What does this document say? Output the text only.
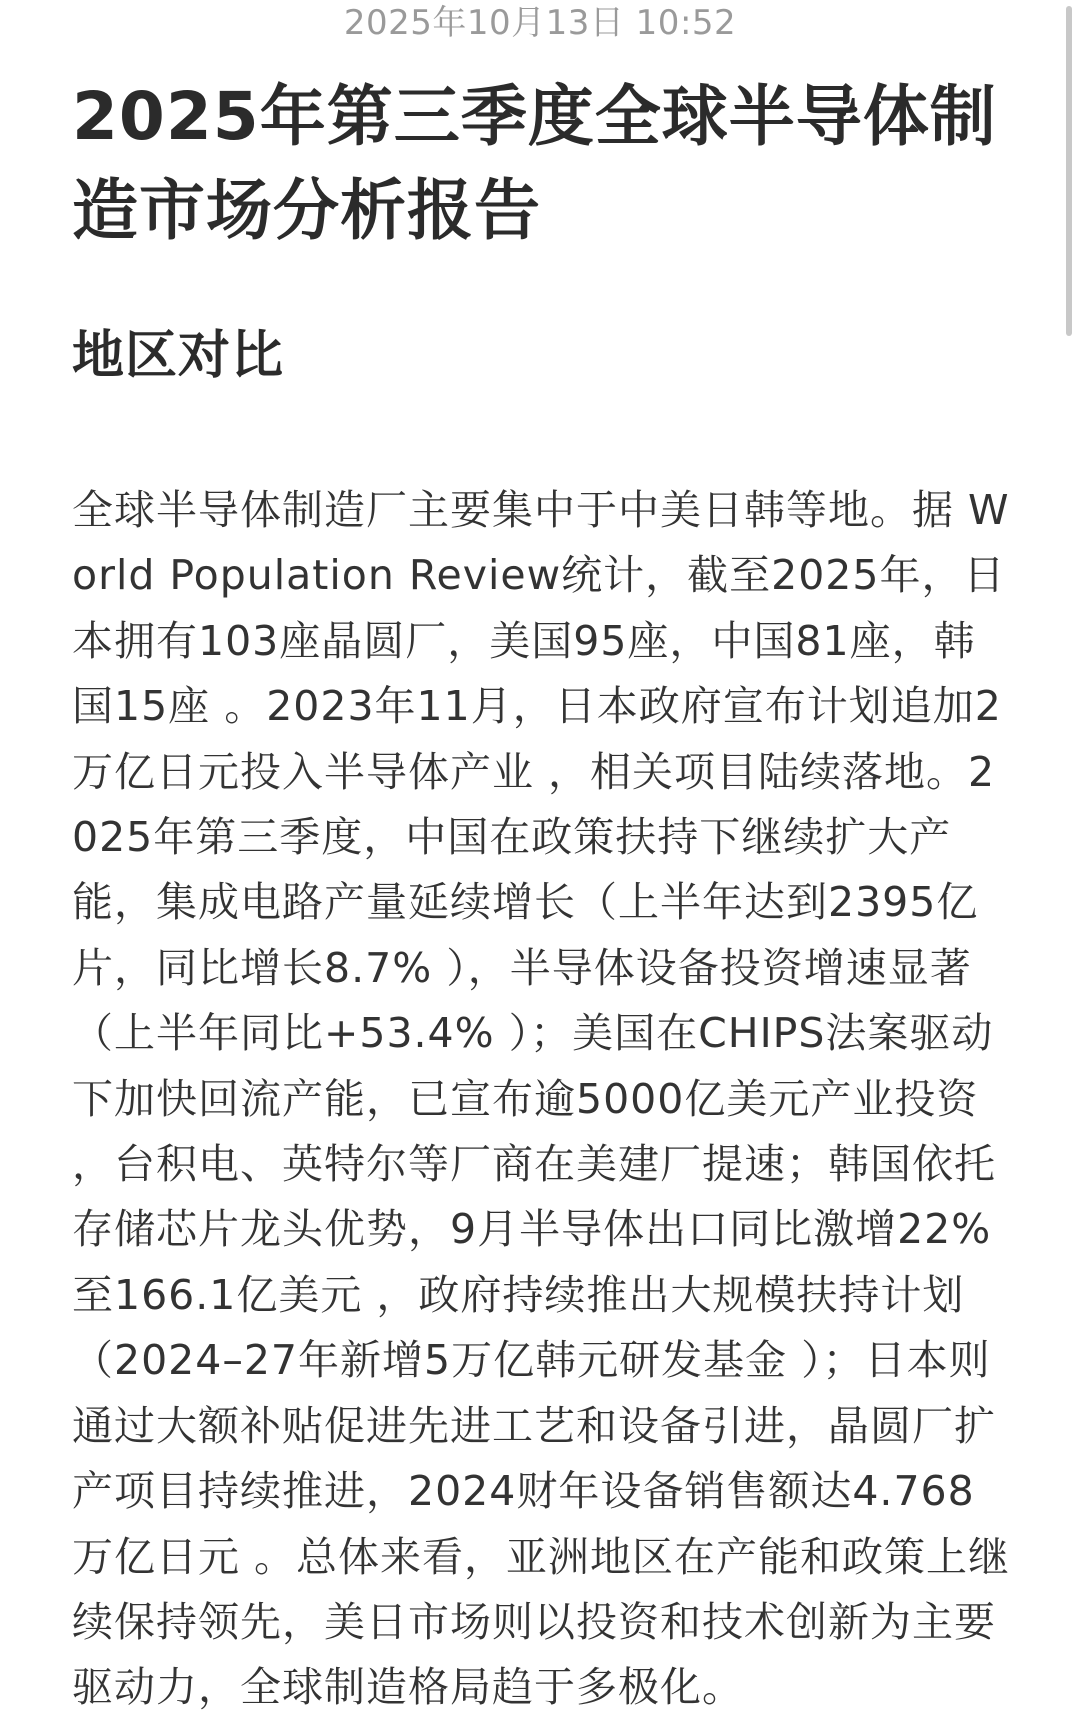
2025年10月13日 10:52
2025年第三季度全球半导体制造市场分析报告
地区对比

全球半导体制造厂主要集中于中美日韩等地。据 World Population Review统计，截至2025年，日本拥有103座晶圆厂，美国95座，中国81座，韩国15座 。2023年11月，日本政府宣布计划追加2万亿日元投入半导体产业 ，相关项目陆续落地。2025年第三季度，中国在政策扶持下继续扩大产能，集成电路产量延续增长（上半年达到2395亿片，同比增长8.7% ），半导体设备投资增速显著（上半年同比+53.4% ）；美国在CHIPS法案驱动下加快回流产能，已宣布逾5000亿美元产业投资 ，台积电、英特尔等厂商在美建厂提速；韩国依托存储芯片龙头优势，9月半导体出口同比激增22%至166.1亿美元 ，政府持续推出大规模扶持计划（2024–27年新增5万亿韩元研发基金 ）；日本则通过大额补贴促进先进工艺和设备引进，晶圆厂扩产项目持续推进，2024财年设备销售额达4.768万亿日元 。总体来看，亚洲地区在产能和政策上继续保持领先，美日市场则以投资和技术创新为主要驱动力，全球制造格局趋于多极化。
